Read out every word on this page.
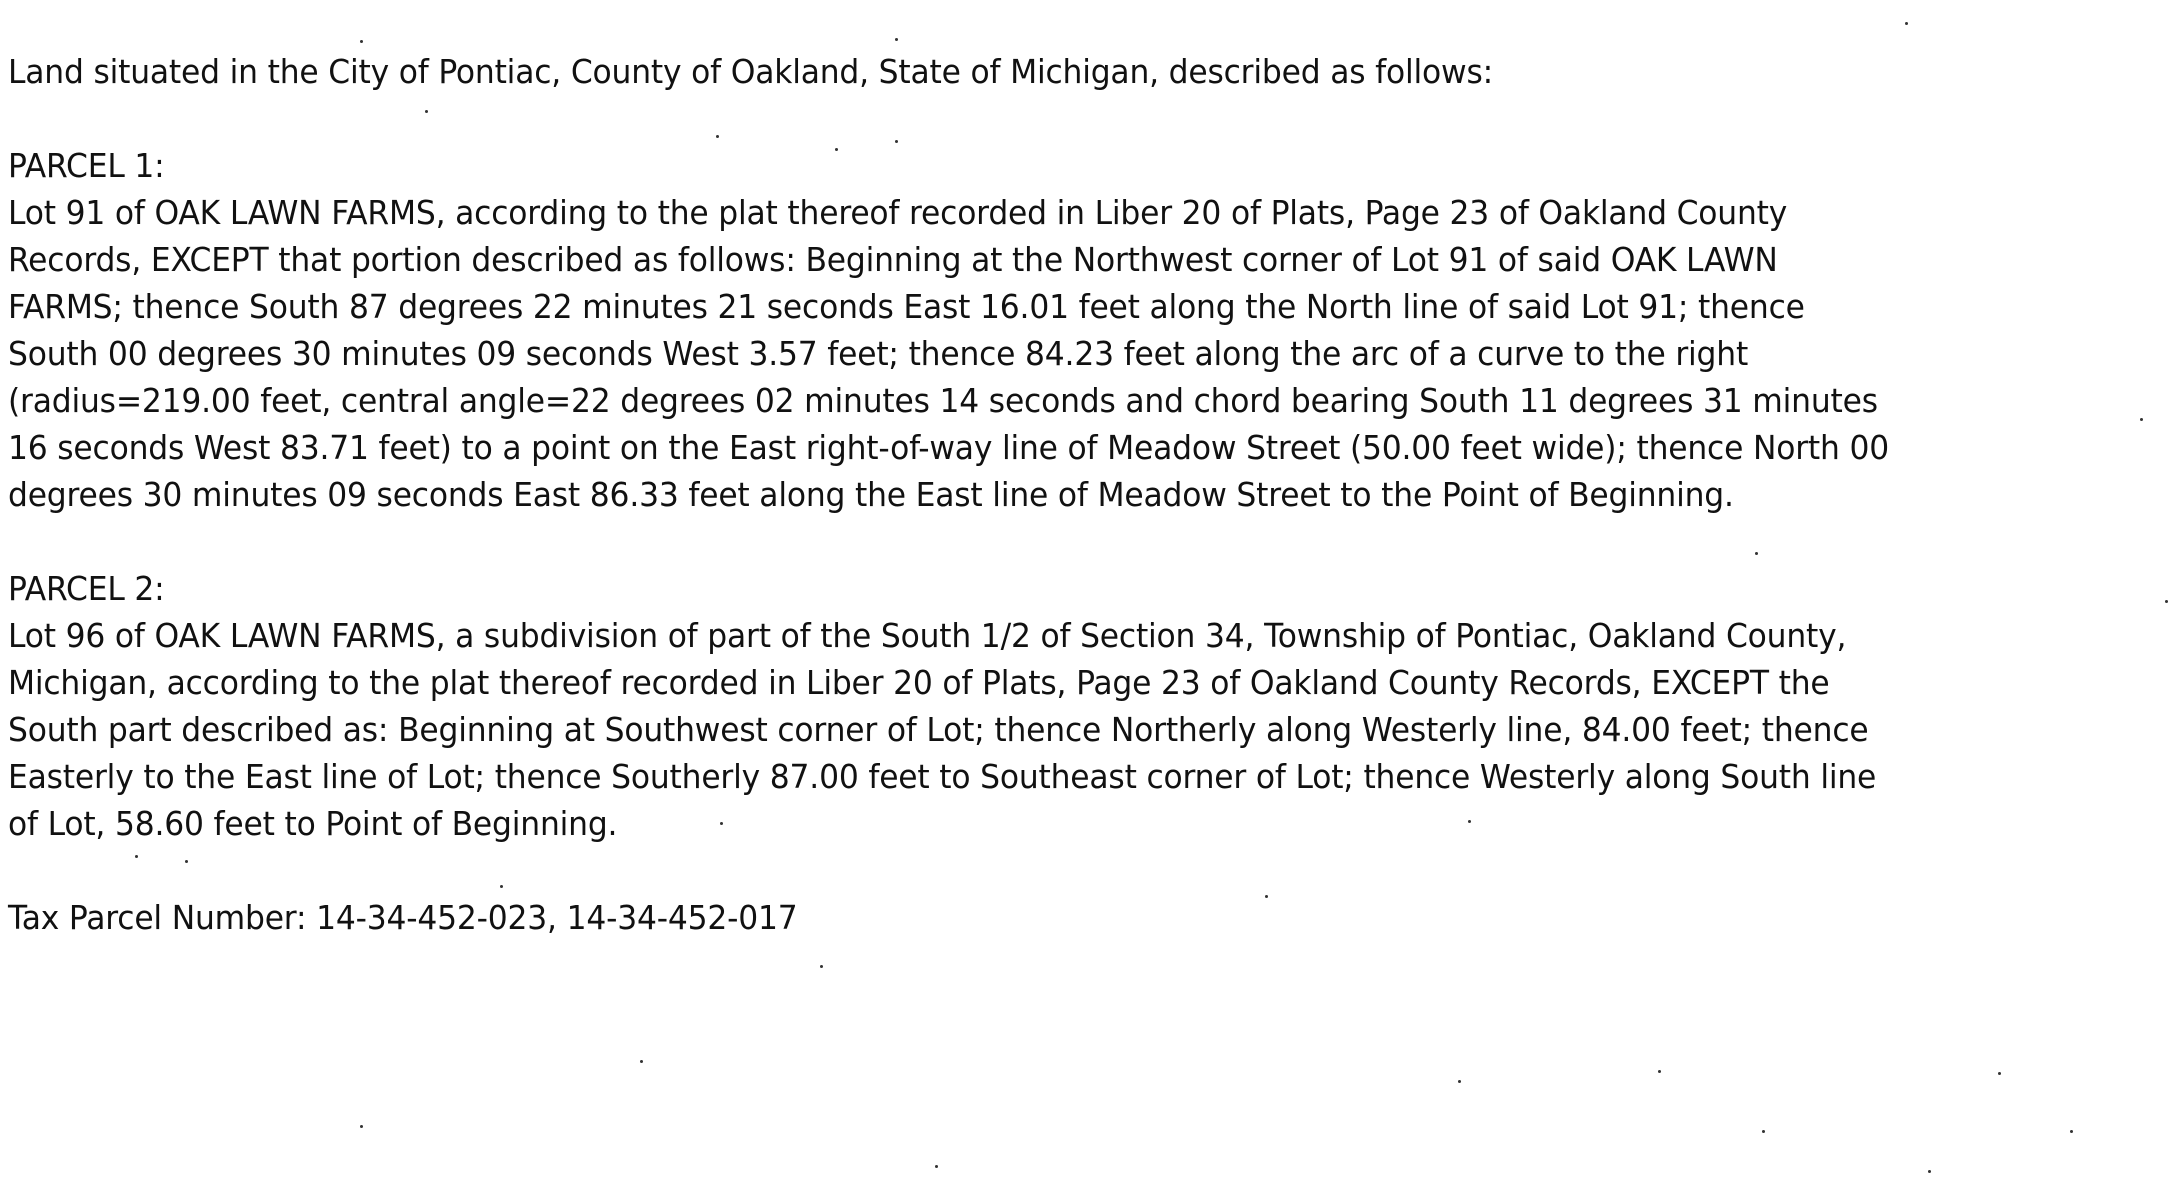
Land situated in the City of Pontiac, County of Oakland, State of Michigan, described as follows:

PARCEL 1:

Lot 91 of OAK LAWN FARMS, according to the plat thereof recorded in Liber 20 of Plats, Page 23 of Oakland County
Records, EXCEPT that portion described as follows: Beginning at the Northwest corner of Lot 91 of said OAK LAWN
FARMS; thence South 87 degrees 22 minutes 21 seconds East 16.01 feet along the North line of said Lot 91; thence
South 00 degrees 30 minutes 09 seconds West 3.57 feet; thence 84.23 feet along the arc of a curve to the right
(radius=219.00 feet, central angle=22 degrees 02 minutes 14 seconds and chord bearing South 11 degrees 31 minutes
16 seconds West 83.71 feet) to a point on the East right-of-way line of Meadow Street (50.00 feet wide); thence North 00
degrees 30 minutes 09 seconds East 86.33 feet along the East line of Meadow Street to the Point of Beginning.

PARCEL 2:

Lot 96 of OAK LAWN FARMS, a subdivision of part of the South 1/2 of Section 34, Township of Pontiac, Oakland County,
Michigan, according to the plat thereof recorded in Liber 20 of Plats, Page 23 of Oakland County Records, EXCEPT the
South part described as: Beginning at Southwest corner of Lot; thence Northerly along Westerly line, 84.00 feet; thence
Easterly to the East line of Lot; thence Southerly 87.00 feet to Southeast corner of Lot; thence Westerly along South line
of Lot, 58.60 feet to Point of Beginning.

Tax Parcel Number: 14-34-452-023, 14-34-452-017
